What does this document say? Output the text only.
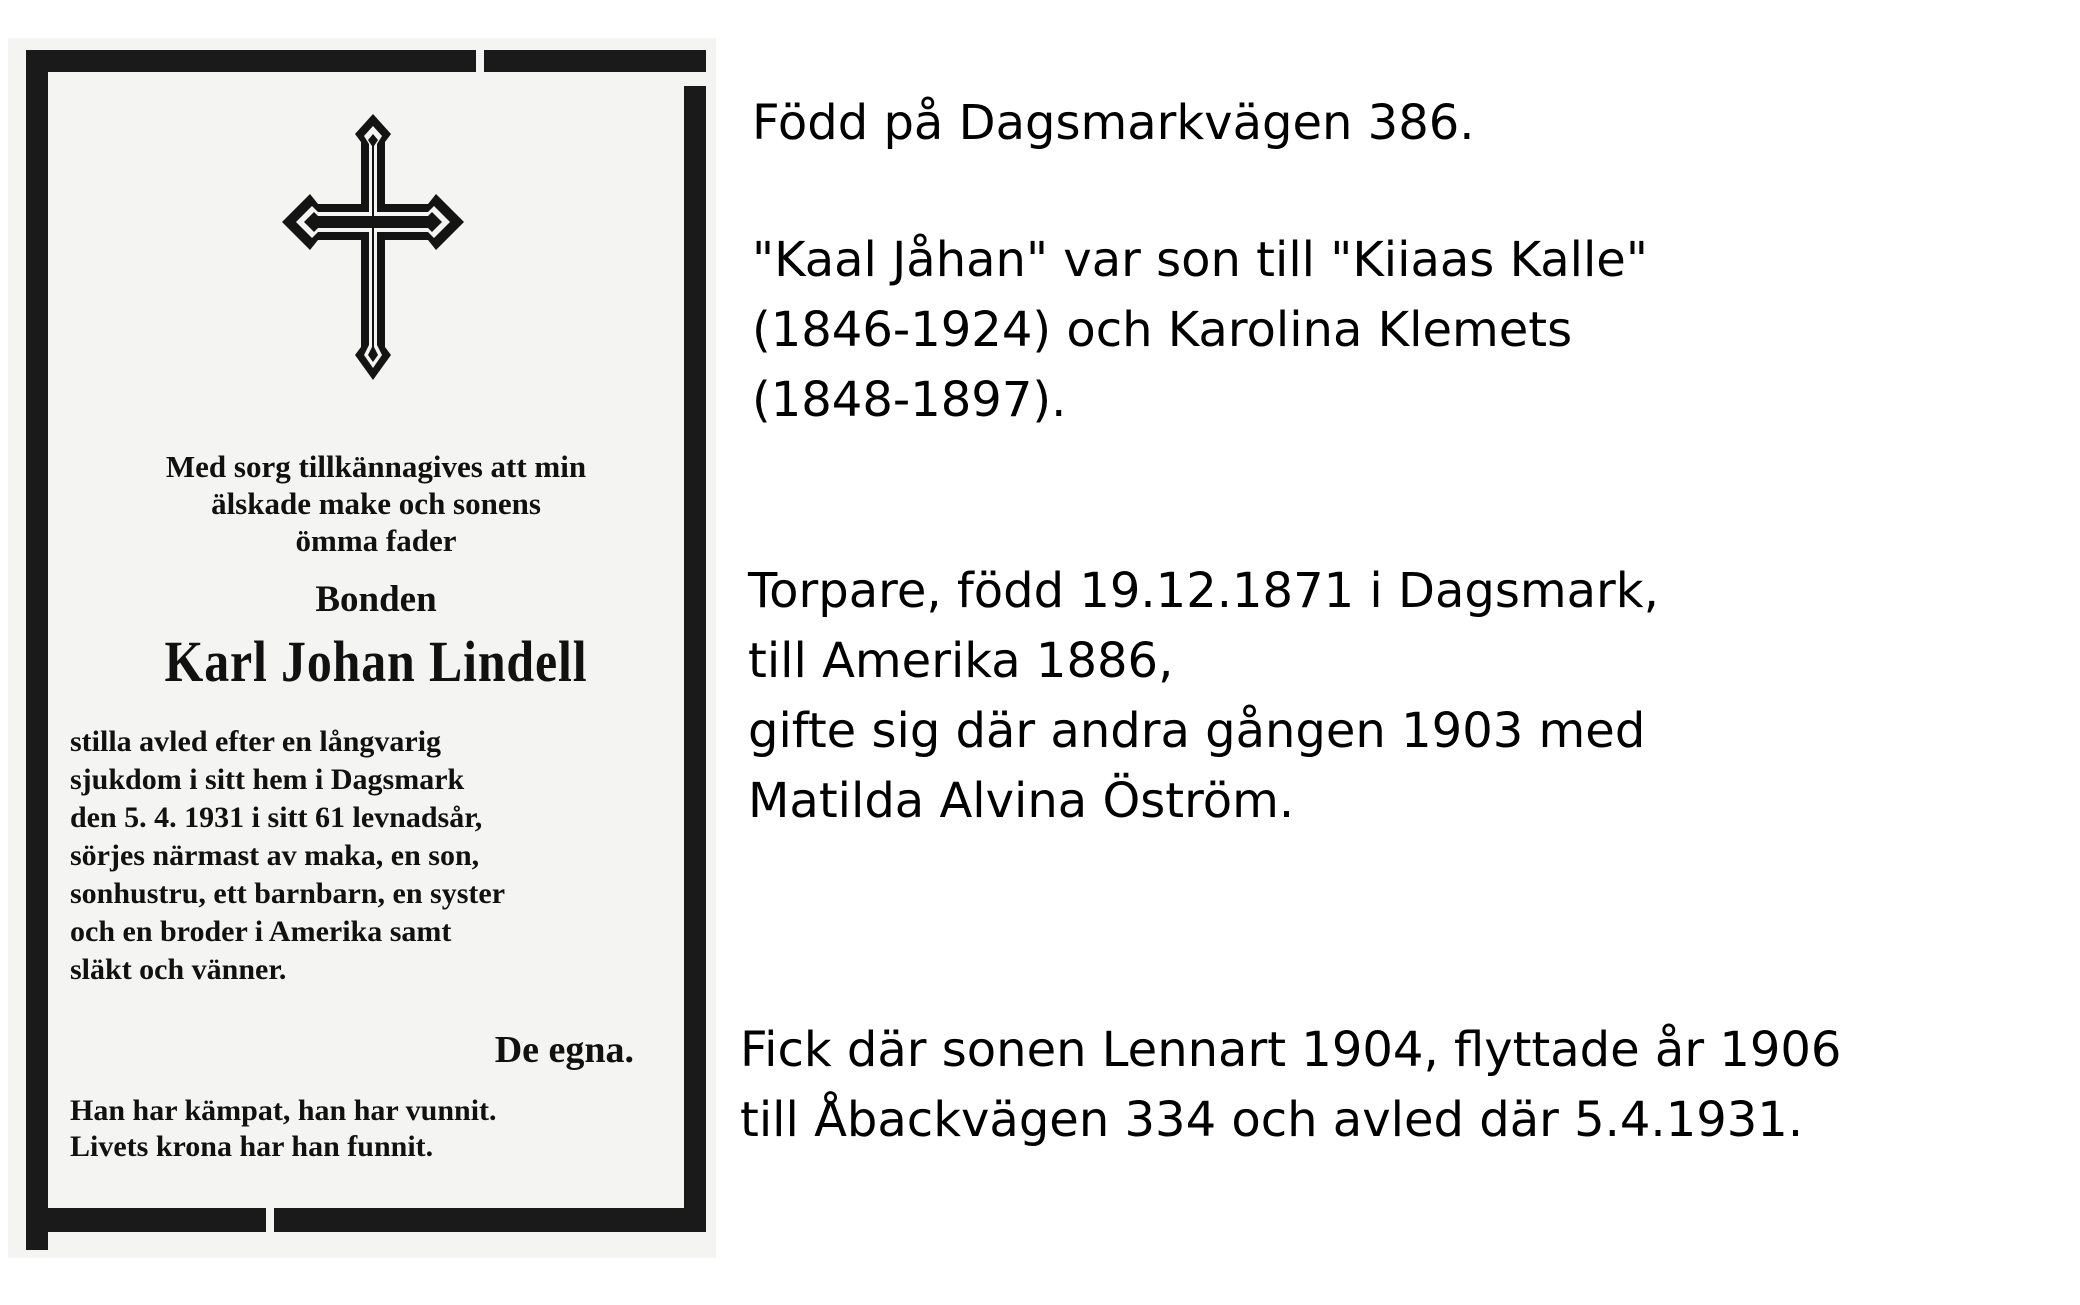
Med sorg tillkännagives att min
älskade make och sonens
ömma fader
Bonden
Karl Johan Lindell
stilla avled efter en långvarig
sjukdom i sitt hem i Dagsmark
den 5. 4. 1931 i sitt 61 levnadsår,
sörjes närmast av maka, en son,
sonhustru, ett barnbarn, en syster
och en broder i Amerika samt
släkt och vänner.
De egna.
Han har kämpat, han har vunnit.
Livets krona har han funnit.
Född på Dagsmarkvägen 386.
"Kaal Jåhan" var son till "Kiiaas Kalle"
(1846-1924) och Karolina Klemets
(1848-1897).
Torpare, född 19.12.1871 i Dagsmark,
till Amerika 1886,
gifte sig där andra gången 1903 med
Matilda Alvina Öström.
Fick där sonen Lennart 1904, flyttade år 1906
till Åbackvägen 334 och avled där 5.4.1931.
